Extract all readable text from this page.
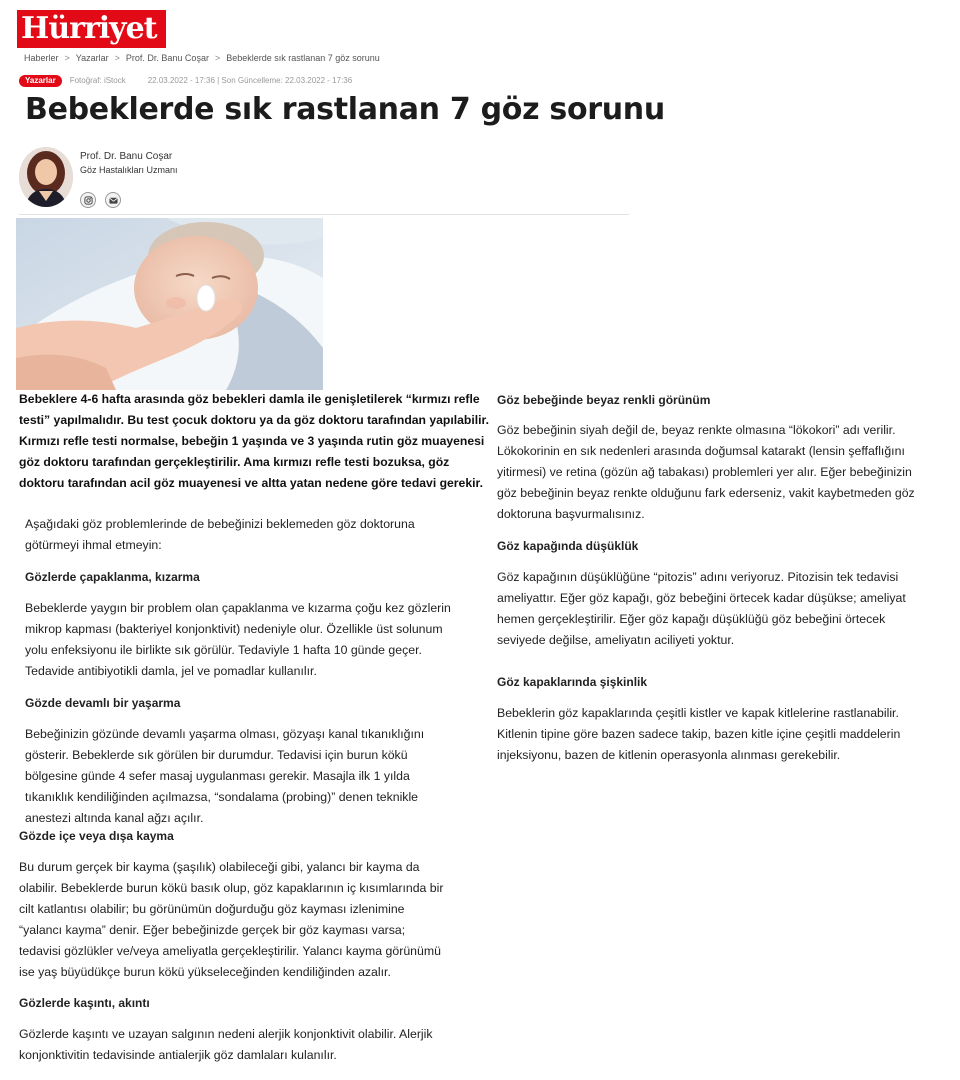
Hürriyet
Haberler > Yazarlar > Prof. Dr. Banu Coşar > Bebeklerde sık rastlanan 7 göz sorunu
Yazarlar	Fotoğraf: iStock	22.03.2022 - 17:36 | Son Güncelleme: 22.03.2022 - 17:36
Bebeklerde sık rastlanan 7 göz sorunu
Prof. Dr. Banu Coşar
Göz Hastalıkları Uzmanı
Bebeklere 4-6 hafta arasında göz bebekleri damla ile genişletilerek “kırmızı refle
testi” yapılmalıdır. Bu test çocuk doktoru ya da göz doktoru tarafından yapılabilir.
Kırmızı refle testi normalse, bebeğin 1 yaşında ve 3 yaşında rutin göz muayenesi
göz doktoru tarafından gerçekleştirilir. Ama kırmızı refle testi bozuksa, göz
doktoru tarafından acil göz muayenesi ve altta yatan nedene göre tedavi gerekir.
Aşağıdaki göz problemlerinde de bebeğinizi beklemeden göz doktoruna
götürmeyi ihmal etmeyin:
Gözlerde çapaklanma, kızarma
Bebeklerde yaygın bir problem olan çapaklanma ve kızarma çoğu kez gözlerin
mikrop kapması (bakteriyel konjonktivit) nedeniyle olur. Özellikle üst solunum
yolu enfeksiyonu ile birlikte sık görülür. Tedaviyle 1 hafta 10 günde geçer.
Tedavide antibiyotikli damla, jel ve pomadlar kullanılır.
Gözde devamlı bir yaşarma
Bebeğinizin gözünde devamlı yaşarma olması, gözyaşı kanal tıkanıklığını
gösterir. Bebeklerde sık görülen bir durumdur. Tedavisi için burun kökü
bölgesine günde 4 sefer masaj uygulanması gerekir. Masajla ilk 1 yılda
tıkanıklık kendiliğinden açılmazsa, “sondalama (probing)” denen teknikle
anestezi altında kanal ağzı açılır.
Gözde içe veya dışa kayma
Bu durum gerçek bir kayma (şaşılık) olabileceği gibi, yalancı bir kayma da
olabilir. Bebeklerde burun kökü basık olup, göz kapaklarının iç kısımlarında bir
cilt katlantısı olabilir; bu görünümün doğurduğu göz kayması izlenimine
“yalancı kayma” denir. Eğer bebeğinizde gerçek bir göz kayması varsa;
tedavisi gözlükler ve/veya ameliyatla gerçekleştirilir. Yalancı kayma görünümü
ise yaş büyüdükçe burun kökü yükseleceğinden kendiliğinden azalır.
Gözlerde kaşıntı, akıntı
Gözlerde kaşıntı ve uzayan salgının nedeni alerjik konjonktivit olabilir. Alerjik
konjonktivitin tedavisinde antialerjik göz damlaları kulanılır.
Göz bebeğinde beyaz renkli görünüm
Göz bebeğinin siyah değil de, beyaz renkte olmasına “lökokori” adı verilir.
Lökokorinin en sık nedenleri arasında doğumsal katarakt (lensin şeffaflığını
yitirmesi) ve retina (gözün ağ tabakası) problemleri yer alır. Eğer bebeğinizin
göz bebeğinin beyaz renkte olduğunu fark ederseniz, vakit kaybetmeden göz
doktoruna başvurmalısınız.
Göz kapağında düşüklük
Göz kapağının düşüklüğüne “pitozis” adını veriyoruz. Pitozisin tek tedavisi
ameliyattır. Eğer göz kapağı, göz bebeğini örtecek kadar düşükse; ameliyat
hemen gerçekleştirilir. Eğer göz kapağı düşüklüğü göz bebeğini örtecek
seviyede değilse, ameliyatın aciliyeti yoktur.
Göz kapaklarında şişkinlik
Bebeklerin göz kapaklarında çeşitli kistler ve kapak kitlelerine rastlanabilir.
Kitlenin tipine göre bazen sadece takip, bazen kitle içine çeşitli maddelerin
injeksiyonu, bazen de kitlenin operasyonla alınması gerekebilir.
